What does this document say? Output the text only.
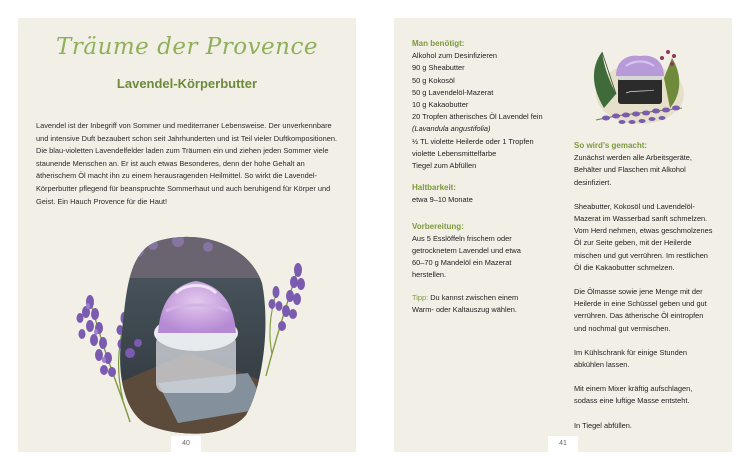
Träume der Provence
Lavendel-Körperbutter

Lavendel ist der Inbegriff von Sommer und mediterraner Lebensweise. Der unverkennbare und intensive Duft bezaubert schon seit Jahrhunderten und ist Teil vieler Duftkompositionen. Die blau-violetten Lavendelfelder laden zum Träumen ein und ziehen jeden Sommer viele staunende Menschen an. Er ist auch etwas Besonderes, denn der hohe Gehalt an ätherischem Öl macht ihn zu einem herausragenden Heilmittel. So wirkt die Lavendel-Körperbutter pflegend für beanspruchte Sommerhaut und auch beruhigend für Körper und Geist. Ein Hauch Provence für die Haut!

40

Man benötigt:

Alkohol zum Desinfizieren

90 g Sheabutter

50 g Kokosöl

50 g Lavendelöl-Mazerat

10 g Kakaobutter

20 Tropfen ätherisches Öl Lavendel fein

(Lavandula angustifolia)

½ TL violette Heilerde oder 1 Tropfen

violette Lebensmittelfarbe

Tiegel zum Abfüllen

Haltbarkeit:

etwa 9–10 Monate

Vorbereitung:

Aus 5 Esslöffeln frischem oder getrocknetem Lavendel und etwa 60–70 g Mandelöl ein Mazerat herstellen.

Tipp: Du kannst zwischen einem Warm- oder Kaltauszug wählen.

So wird’s gemacht:

Zunächst werden alle Arbeitsgeräte, Behälter und Flaschen mit Alkohol desinfiziert.

Sheabutter, Kokosöl und Lavendelöl-Mazerat im Wasserbad sanft schmelzen. Vom Herd nehmen, etwas geschmolzenes Öl zur Seite geben, mit der Heilerde mischen und gut verrühren. Im restlichen Öl die Kakaobutter schmelzen.

Die Ölmasse sowie jene Menge mit der Heilerde in eine Schüssel geben und gut verrühren. Das ätherische Öl eintropfen und nochmal gut vermischen.

Im Kühlschrank für einige Stunden abkühlen lassen.

Mit einem Mixer kräftig aufschlagen, sodass eine luftige Masse entsteht.

In Tiegel abfüllen.

41
